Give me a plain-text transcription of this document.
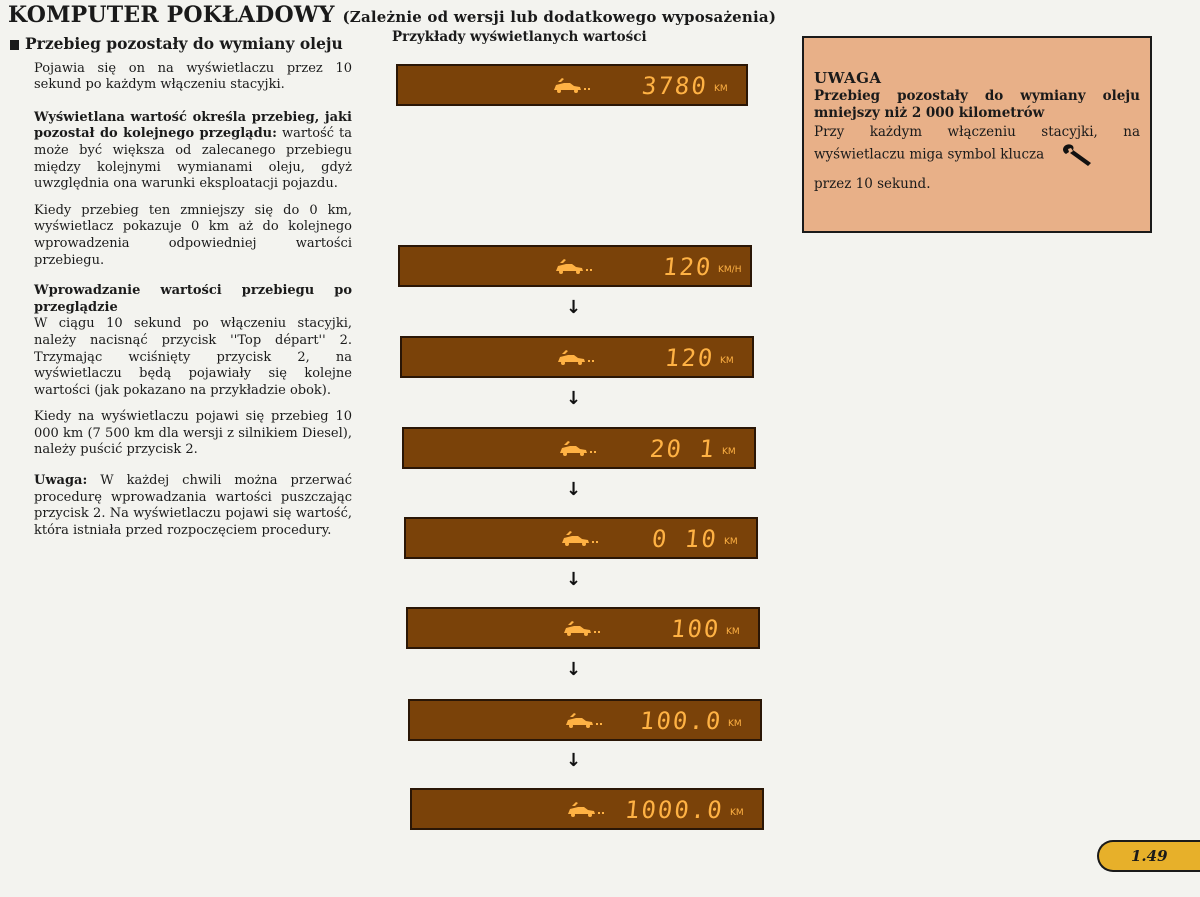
KOMPUTER POKŁADOWY (Zależnie od wersji lub dodatkowego wyposażenia)
Przebieg pozostały do wymiany oleju

Pojawia się on na wyświetlaczu przez 10 sekund po każdym włączeniu stacyjki.

Wyświetlana wartość określa przebieg, jaki pozostał do kolejnego przeglądu: wartość ta może być większa od zalecanego przebiegu między kolejnymi wymianami oleju, gdyż uwzględnia ona warunki eksploatacji pojazdu.

Kiedy przebieg ten zmniejszy się do 0 km, wyświetlacz pokazuje 0 km aż do kolejnego wprowadzenia odpowiedniej wartości przebiegu.

Wprowadzanie wartości przebiegu po przeglądzie

W ciągu 10 sekund po włączeniu stacyjki, należy nacisnąć przycisk ''Top départ'' 2. Trzymając wciśnięty przycisk 2, na wyświetlaczu będą pojawiały się kolejne wartości (jak pokazano na przykładzie obok).

Kiedy na wyświetlaczu pojawi się przebieg 10 000 km (7 500 km dla wersji z silnikiem Diesel), należy puścić przycisk 2.

Uwaga: W każdej chwili można przerwać procedurę wprowadzania wartości puszczając przycisk 2. Na wyświetlaczu pojawi się wartość, która istniała przed rozpoczęciem procedury.

Przykłady wyświetlanych wartości
KM
3780
KM/H
120
KM
120
KM
20 1
KM
0 10
KM
100
KM
100.0
KM
1000.0
↓
↓
↓
↓
↓
↓
UWAGA
Przebieg pozostały do wymiany oleju mniejszy niż 2 000 kilometrów
Przy każdym włączeniu stacyjki, na wyświetlaczu miga symbol klucza
przez 10 sekund.
1.49
